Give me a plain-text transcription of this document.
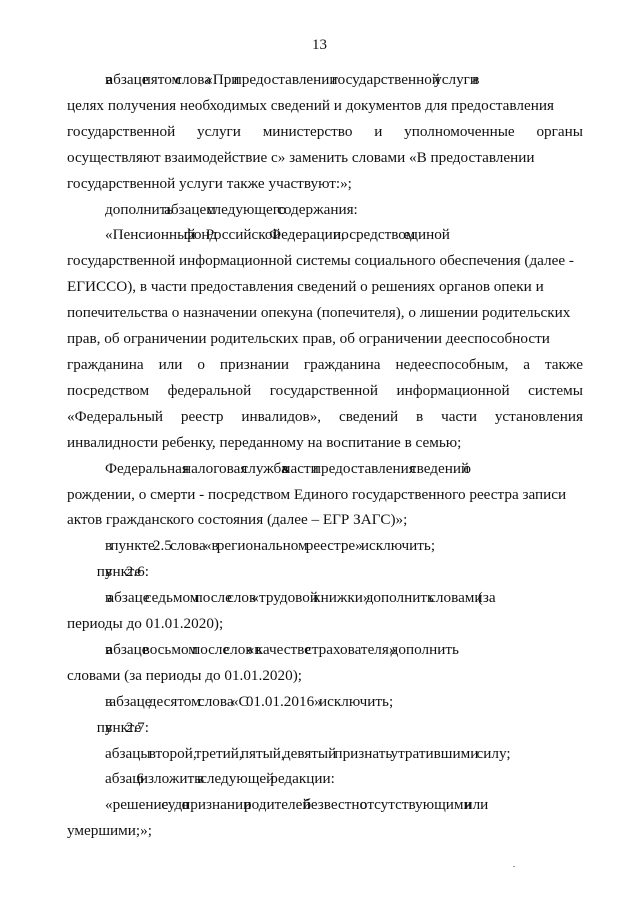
13
в абзаце пятом слова «При предоставлении государственной услуги в
целях получения необходимых сведений и документов для предоставления
государственной услуги министерство и уполномоченные органы
осуществляют взаимодействие с» заменить словами «В предоставлении
государственной услуги также участвуют:»;
дополнить абзацем следующего содержания:
«Пенсионный фонд Российской Федерации, посредством единой
государственной информационной системы социального обеспечения (далее -
ЕГИССО), в части предоставления сведений о решениях органов опеки и
попечительства о назначении опекуна (попечителя), о лишении родительских
прав, об ограничении родительских прав, об ограничении дееспособности
гражданина или о признании гражданина недееспособным, а также
посредством федеральной государственной информационной системы
«Федеральный реестр инвалидов», сведений в части установления
инвалидности ребенку, переданному на воспитание в семью;
Федеральная налоговая служба - в части предоставления сведений о
рождении, о смерти - посредством Единого государственного реестра записи
актов гражданского состояния (далее – ЕГР ЗАГС)»;
в пункте 2.5 слова «в региональном реестре» исключить;
в пункте 2.6:
в абзаце седьмом после слов «трудовой книжки» дополнить словами (за
периоды до 01.01.2020);
в абзаце восьмом после слов «в качестве страхователя» дополнить
словами (за периоды до 01.01.2020);
в абзаце десятом слова «С 01.01.2016» исключить;
в пункте 2.7:
абзацы второй, третий, пятый, девятый признать утратившими силу;
абзац 6 изложить в следующей редакции:
«решение суда о признании родителей безвестно отсутствующими или
умершими;»;
